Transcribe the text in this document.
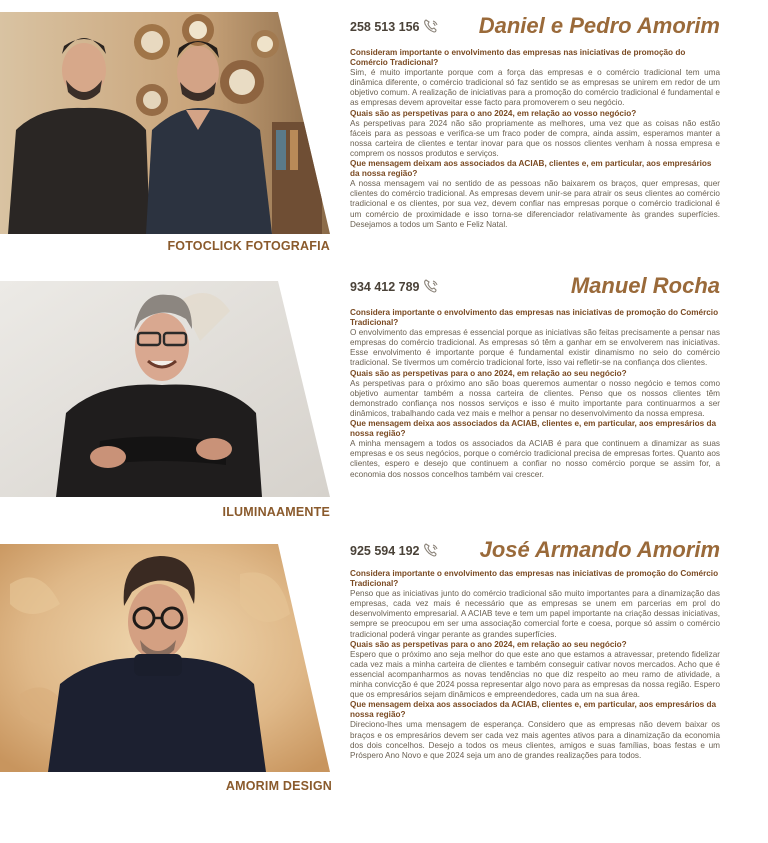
FOTOCLICK FOTOGRAFIA
258 513 156	Daniel e Pedro Amorim

Consideram importante o envolvimento das empresas nas iniciativas de promoção do Comércio Tradicional?

Sim, é muito importante porque com a força das empresas e o comércio tradicional tem uma dinâmica diferente, o comércio tradicional só faz sentido se as empresas se unirem em redor de um objetivo comum. A realização de iniciativas para a promoção do comércio tradicional é fundamental e as empresas devem aproveitar esse facto para promoverem o seu negócio.

Quais são as perspetivas para o ano 2024, em relação ao vosso negócio?

As perspetivas para 2024 não são propriamente as melhores, uma vez que as coisas não estão fáceis para as pessoas e verifica-se um fraco poder de compra, ainda assim, esperamos manter a nossa carteira de clientes e tentar inovar para que os nossos clientes venham à nossa empresa e comprem os nossos produtos e serviços.

Que mensagem deixam aos associados da ACIAB, clientes e, em particular, aos empresários da nossa região?

A nossa mensagem vai no sentido de as pessoas não baixarem os braços, quer empresas, quer clientes do comércio tradicional. As empresas devem unir-se para atrair os seus clientes ao comércio tradicional e os clientes, por sua vez, devem confiar nas empresas porque o comércio tradicional é um comércio de proximidade e isso torna-se diferenciador relativamente às grandes superfícies. Desejamos a todos um Santo e Feliz Natal.

ILUMINAAMENTE
934 412 789	Manuel Rocha

Considera importante o envolvimento das empresas nas iniciativas de promoção do Comércio Tradicional?

O envolvimento das empresas é essencial porque as iniciativas são feitas precisamente a pensar nas empresas do comércio tradicional. As empresas só têm a ganhar em se envolverem nas iniciativas. Esse envolvimento é importante porque é fundamental existir dinamismo no seio do comércio tradicional. Se tivermos um comércio tradicional forte, isso vai refletir-se na confiança dos clientes.

Quais são as perspetivas para o ano 2024, em relação ao seu negócio?

As perspetivas para o próximo ano são boas queremos aumentar o nosso negócio e temos como objetivo aumentar também a nossa carteira de clientes. Penso que os nossos clientes têm demonstrado confiança nos nossos serviços e isso é muito importante para continuarmos a ser dinâmicos, trabalhando cada vez mais e melhor a pensar no desenvolvimento da nossa empresa.

Que mensagem deixa aos associados da ACIAB, clientes e, em particular, aos empresários da nossa região?

A minha mensagem a todos os associados da ACIAB é para que continuem a dinamizar as suas empresas e os seus negócios, porque o comércio tradicional precisa de empresas fortes. Quanto aos clientes, espero e desejo que continuem a confiar no nosso comércio porque se assim for, a economia dos nossos concelhos também vai crescer.

AMORIM DESIGN
925 594 192	José Armando Amorim

Considera importante o envolvimento das empresas nas iniciativas de promoção do Comércio Tradicional?

Penso que as iniciativas junto do comércio tradicional são muito importantes para a dinamização das empresas, cada vez mais é necessário que as empresas se unem em parcerias em prol do desenvolvimento empresarial. A ACIAB teve e tem um papel importante na criação dessas iniciativas, sempre se preocupou em ser uma associação comercial forte e coesa, porque só assim o comércio tradicional poderá vingar perante as grandes superfícies.

Quais são as perspetivas para o ano 2024, em relação ao seu negócio?

Espero que o próximo ano seja melhor do que este ano que estamos a atravessar, pretendo fidelizar cada vez mais a minha carteira de clientes e também conseguir cativar novos mercados. Acho que é essencial acompanharmos as novas tendências no que diz respeito ao meu ramo de atividade, a minha convicção é que 2024 possa representar algo novo para as empresas da nossa região. Espero que os empresários sejam dinâmicos e empreendedores, cada um na sua área.

Que mensagem deixa aos associados da ACIAB, clientes e, em particular, aos empresários da nossa região?

Direciono-lhes uma mensagem de esperança. Considero que as empresas não devem baixar os braços e os empresários devem ser cada vez mais agentes ativos para a dinamização da economia dos dois concelhos. Desejo a todos os meus clientes, amigos e suas famílias, boas festas e um Próspero Ano Novo e que 2024 seja um ano de grandes realizações para todos.
